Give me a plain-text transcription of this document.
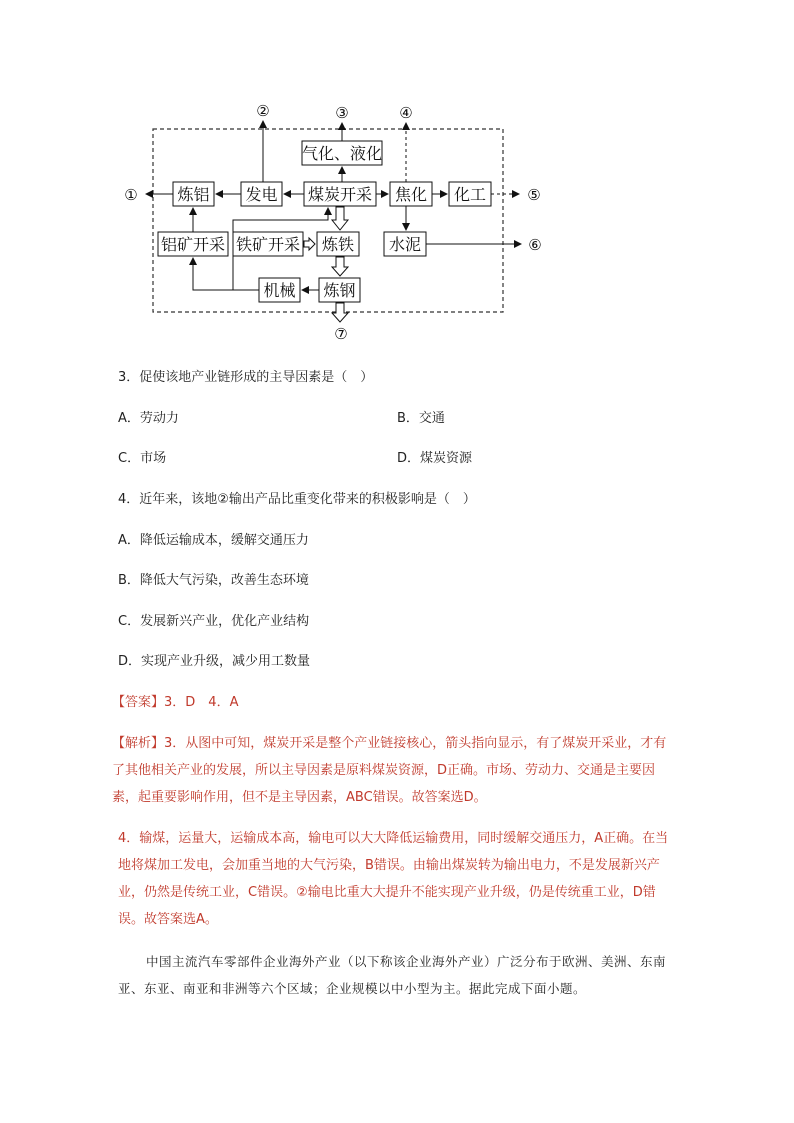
气化、液化
炼铝 发电 煤炭开采 焦化 化工
铝矿开采 铁矿开采 炼铁 水泥
机械 炼钢
①
②	③	④
⑤
⑥
⑦
3．促使该地产业链形成的主导因素是（　）
A．劳动力	B．交通
C．市场	D．煤炭资源
4．近年来，该地②输出产品比重变化带来的积极影响是（　）
A．降低运输成本，缓解交通压力
B．降低大气污染，改善生态环境
C．发展新兴产业，优化产业结构
D．实现产业升级，减少用工数量
【答案】3．D　4．A
【解析】3．从图中可知，煤炭开采是整个产业链接核心，箭头指向显示，有了煤炭开采业，才有了其他相关产业的发展，所以主导因素是原料煤炭资源，D正确。市场、劳动力、交通是主要因素，起重要影响作用，但不是主导因素，ABC错误。故答案选D。
4．输煤，运量大，运输成本高，输电可以大大降低运输费用，同时缓解交通压力，A正确。在当地将煤加工发电，会加重当地的大气污染，B错误。由输出煤炭转为输出电力，不是发展新兴产业，仍然是传统工业，C错误。②输电比重大大提升不能实现产业升级，仍是传统重工业，D错误。故答案选A。
中国主流汽车零部件企业海外产业（以下称该企业海外产业）广泛分布于欧洲、美洲、东南亚、东亚、南亚和非洲等六个区域；企业规模以中小型为主。据此完成下面小题。
